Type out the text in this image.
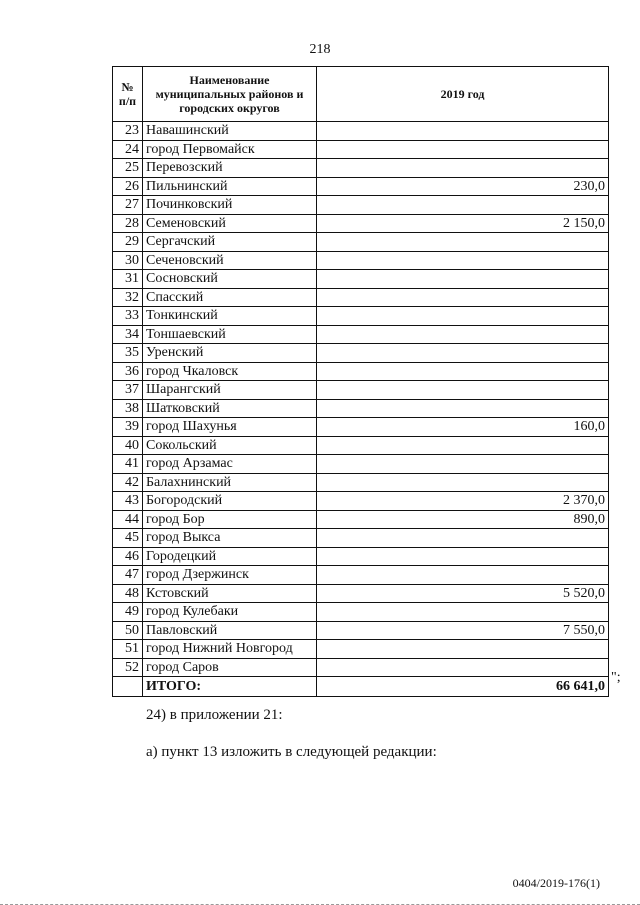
218
№ п/п	Наименование муниципальных районов и городских округов	2019 год
23	Навашинский	
24	город Первомайск	
25	Перевозский	
26	Пильнинский	230,0
27	Починковский	
28	Семеновский	2 150,0
29	Сергачский	
30	Сеченовский	
31	Сосновский	
32	Спасский	
33	Тонкинский	
34	Тоншаевский	
35	Уренский	
36	город Чкаловск	
37	Шарангский	
38	Шатковский	
39	город Шахунья	160,0
40	Сокольский	
41	город Арзамас	
42	Балахнинский	
43	Богородский	2 370,0
44	город Бор	890,0
45	город Выкса	
46	Городецкий	
47	город Дзержинск	
48	Кстовский	5 520,0
49	город Кулебаки	
50	Павловский	7 550,0
51	город Нижний Новгород	
52	город Саров	
	ИТОГО:	66 641,0
";
24) в приложении 21:
а) пункт 13 изложить в следующей редакции:
0404/2019-176(1)
